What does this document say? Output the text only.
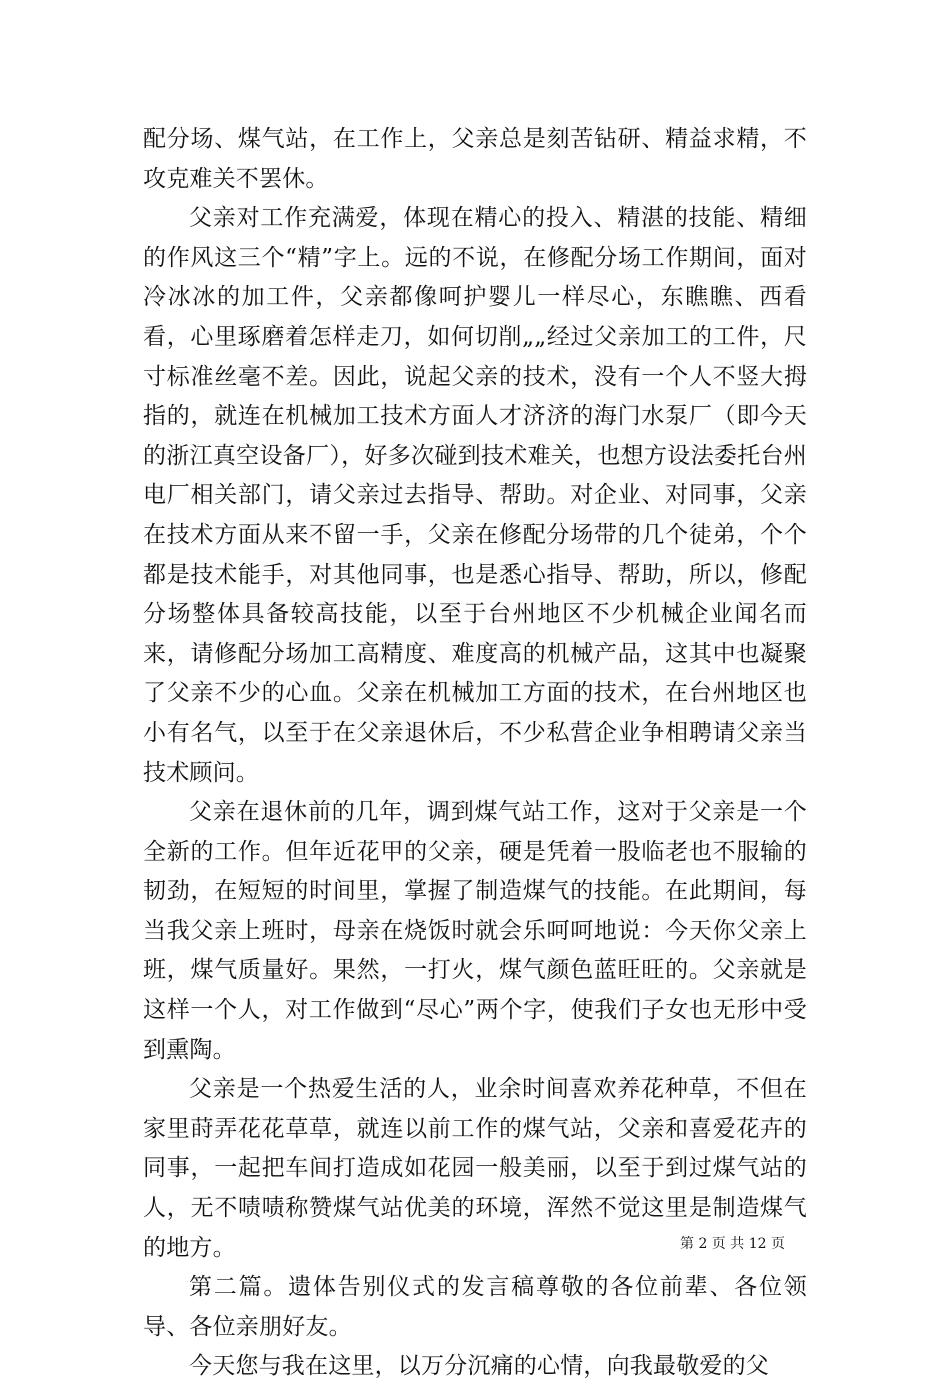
配分场、煤气站，在工作上，父亲总是刻苦钻研、精益求精，不攻克难关不罢休。

父亲对工作充满爱，体现在精心的投入、精湛的技能、精细的作风这三个“精”字上。远的不说，在修配分场工作期间，面对冷冰冰的加工件，父亲都像呵护婴儿一样尽心，东瞧瞧、西看看，心里琢磨着怎样走刀，如何切削„„经过父亲加工的工件，尺寸标准丝毫不差。因此，说起父亲的技术，没有一个人不竖大拇指的，就连在机械加工技术方面人才济济的海门水泵厂（即今天的浙江真空设备厂），好多次碰到技术难关，也想方设法委托台州电厂相关部门，请父亲过去指导、帮助。对企业、对同事，父亲在技术方面从来不留一手，父亲在修配分场带的几个徒弟，个个都是技术能手，对其他同事，也是悉心指导、帮助，所以，修配分场整体具备较高技能，以至于台州地区不少机械企业闻名而来，请修配分场加工高精度、难度高的机械产品，这其中也凝聚了父亲不少的心血。父亲在机械加工方面的技术，在台州地区也小有名气，以至于在父亲退休后，不少私营企业争相聘请父亲当技术顾问。

父亲在退休前的几年，调到煤气站工作，这对于父亲是一个全新的工作。但年近花甲的父亲，硬是凭着一股临老也不服输的韧劲，在短短的时间里，掌握了制造煤气的技能。在此期间，每当我父亲上班时，母亲在烧饭时就会乐呵呵地说：今天你父亲上班，煤气质量好。果然，一打火，煤气颜色蓝旺旺的。父亲就是这样一个人，对工作做到“尽心”两个字，使我们子女也无形中受到熏陶。

父亲是一个热爱生活的人，业余时间喜欢养花种草，不但在家里莳弄花花草草，就连以前工作的煤气站，父亲和喜爱花卉的同事，一起把车间打造成如花园一般美丽，以至于到过煤气站的人，无不啧啧称赞煤气站优美的环境，浑然不觉这里是制造煤气的地方。

第二篇。遗体告别仪式的发言稿尊敬的各位前辈、各位领导、各位亲朋好友。

今天您与我在这里，以万分沉痛的心情，向我最敬爱的父

第 2 页 共 12 页
